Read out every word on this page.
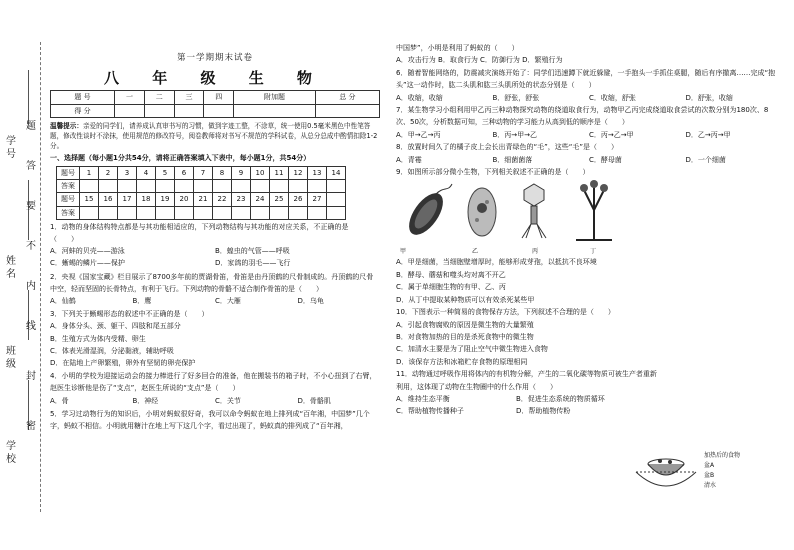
学校
班级
姓名
学号
题
答
要
不
内
线
封
密
第一学期期末试卷
八 年 级 生 物
题 号	一	二	三	四	附加题	总 分
得 分						
温馨提示：亲爱的同学们，请养成认真审书写的习惯，做到字迹工整，不涂草，统一使用0.5毫米黑色中性笔答题，修改性谈时不涂抹，使用规范的修改符号，阅卷教师将对书写不规范的学科试卷，从总分总成中酌情扣除1-2分。
一、选择题（每小题1分共54分，请将正确答案填入下表中，每小题1分，共54分）
题号	1	2	3	4	5	6	7	8	9	10	11	12	13	14
答案														
题号	15	16	17	18	19	20	21	22	23	24	25	26	27	
答案														
1．动物的身体结构特点都是与其功能相适应的，下列动物结构与其功能的对应关系，不正确的是
（　　）
A．河蚌的贝壳——游泳	B．蝗虫的气管——呼吸
C．蜥蜴的鳞片——保护	D．家鸽的羽毛——飞行
2．央视《国家宝藏》栏目展示了8700多年前的贾湖骨笛，骨笛是由丹顶鹤的尺骨制成的。丹顶鹤的尺骨中空，轻而坚固的长骨特点，有利于飞行。下列动物的骨骼不适合制作骨笛的是（　　）
A．仙鹤	B．鹰	C．大雁	D．乌龟
3．下列关于蜥蜴形态的叙述中不正确的是（　　）
A．身体分头、颈、躯干、四肢和尾五部分
B．生殖方式为体内受精、卵生
C．体表光滑湿润，分泌黏液，辅助呼吸
D．在陆地上产卵繁殖，卵外有坚韧的卵壳保护
4．小明的学校为迎接运动会的接力棒进行了好多回合的准备，他在搬装书的箱子时，不小心扭到了右臂，赵医生诊断他是伤了“支点”，赵医生所说的“支点”是（　　）
A．骨	B．神经	C．关节	D．骨骼肌
5．学习过动物行为的知识后，小明对蚂蚁很好奇，我可以命令蚂蚁在地上排列成“百年湘，中国梦”几个字，蚂蚁不相信。小明就用糖汁在地上写下这几个字，看过出现了，蚂蚁真的排列成了“百年湘，
中国梦”，小明是利用了蚂蚁的（　　）
A．攻击行为 B．取食行为 C．防御行为 D．繁殖行为
6．随着智能网络的，防震减灾演练开始了：同学们迅速蹲下就近躲避，一手抱头一手抓住桌腿，随后有序撤离……完成“抱头”这一动作时，肱二头肌和肱三头肌所处的状态分别是（　　）
A．收缩，收缩	B．舒张，舒张	C．收缩，舒张	D．舒张，收缩
7．某生物学习小组利用甲乙丙三种动物探究动物的绕道取食行为，动物甲乙丙完成绕道取食尝试的次数分别为180次、8次、50次，分析数据可知，三种动物的学习能力从高到低的顺序是（　　）
A．甲→乙→丙	B．丙→甲→乙	C．丙→乙→甲	D．乙→丙→甲
8．放置时间久了的橘子皮上会长出青绿色的“毛”，这些“毛”是（　　）
A．青霉	B．细菌菌落	C．酵母菌	D．一个细菌
9．如图所示部分微小生物，下列相关叙述不正确的是（　　）
甲	乙	丙	丁
A．甲是细菌，当细胞壁增厚时，能够形成芽孢，以抵抗不良环境
B．酵母、蘑菇和噬头均对离不开乙
C．属于单细胞生物的有甲、乙、丙
D．从丁中提取某种物质可以有效杀死某些甲
10．下图表示一种简易的食物保存方法，下列叙述不合理的是（　　）
A．引起食物腐败的原因是微生物的大量繁殖
B．对食物加热的目的是杀死食物中的微生物
C．加清水主要是为了阻止空气中微生物进入食物
D．该保存方法和冰箱贮存食物的原理相同
11．动物通过呼吸作用将体内的有机物分解，产生的二氧化碳等物质可被生产者重新利用，这体现了动物在生物圈中的什么作用（　　）
A．维持生态平衡	B．促进生态系统的物质循环
C．帮助植物传播种子	D．帮助植物传粉
加热后的食物
盆A
盆B
清水
